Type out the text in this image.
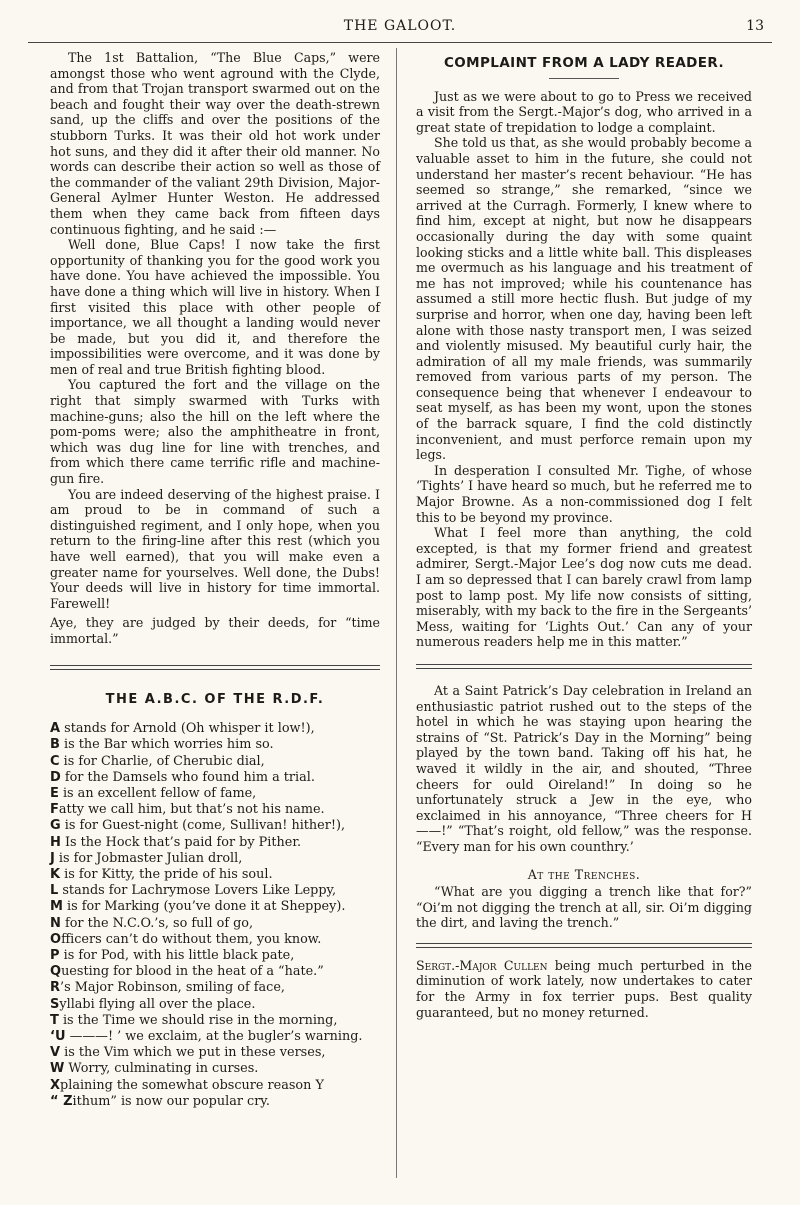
THE GALOOT.	13

The 1st Battalion, “The Blue Caps,” were amongst those who went aground with the Clyde, and from that Trojan transport swarmed out on the beach and fought their way over the death-strewn sand, up the cliffs and over the positions of the stubborn Turks. It was their old hot work under hot suns, and they did it after their old manner. No words can describe their action so well as those of the commander of the valiant 29th Division, Major-General Aylmer Hunter Weston. He addressed them when they came back from fifteen days continuous fighting, and he said :—

Well done, Blue Caps! I now take the first opportunity of thanking you for the good work you have done. You have achieved the impossible. You have done a thing which will live in history. When I first visited this place with other people of importance, we all thought a landing would never be made, but you did it, and therefore the impossibilities were overcome, and it was done by men of real and true British fighting blood.

You captured the fort and the village on the right that simply swarmed with Turks with machine-guns; also the hill on the left where the pom-poms were; also the amphitheatre in front, which was dug line for line with trenches, and from which there came terrific rifle and machine-gun fire.

You are indeed deserving of the highest praise. I am proud to be in command of such a distinguished regiment, and I only hope, when you return to the firing-line after this rest (which you have well earned), that you will make even a greater name for yourselves. Well done, the Dubs! Your deeds will live in history for time immortal. Farewell!

Aye, they are judged by their deeds, for “time immortal.”

THE A.B.C. OF THE R.D.F.
A stands for Arnold (Oh whisper it low!),
B is the Bar which worries him so.
C is for Charlie, of Cherubic dial,
D for the Damsels who found him a trial.
E is an excellent fellow of fame,
Fatty we call him, but that’s not his name.
G is for Guest-night (come, Sullivan! hither!),
H Is the Hock that’s paid for by Pither.
J is for Jobmaster Julian droll,
K is for Kitty, the pride of his soul.
L stands for Lachrymose Lovers Like Leppy,
M is for Marking (you’ve done it at Sheppey).
N for the N.C.O.’s, so full of go,
Officers can’t do without them, you know.
P is for Pod, with his little black pate,
Questing for blood in the heat of a “hate.”
R’s Major Robinson, smiling of face,
Syllabi flying all over the place.
T is the Time we should rise in the morning,
‘U ———! ’ we exclaim, at the bugler’s warning.
V is the Vim which we put in these verses,
W Worry, culminating in curses.
Xplaining the somewhat obscure reason Y
“ Zithum” is now our popular cry.
COMPLAINT FROM A LADY READER.

Just as we were about to go to Press we received a visit from the Sergt.-Major’s dog, who arrived in a great state of trepidation to lodge a complaint.

She told us that, as she would probably become a valuable asset to him in the future, she could not understand her master’s recent behaviour. “He has seemed so strange,” she remarked, “since we arrived at the Curragh. Formerly, I knew where to find him, except at night, but now he disappears occasionally during the day with some quaint looking sticks and a little white ball. This displeases me overmuch as his language and his treatment of me has not improved; while his countenance has assumed a still more hectic flush. But judge of my surprise and horror, when one day, having been left alone with those nasty transport men, I was seized and violently misused. My beautiful curly hair, the admiration of all my male friends, was summarily removed from various parts of my person. The consequence being that whenever I endeavour to seat myself, as has been my wont, upon the stones of the barrack square, I find the cold distinctly inconvenient, and must perforce remain upon my legs.

In desperation I consulted Mr. Tighe, of whose ‘Tights’ I have heard so much, but he referred me to Major Browne. As a non-commissioned dog I felt this to be beyond my province.

What I feel more than anything, the cold excepted, is that my former friend and greatest admirer, Sergt.-Major Lee’s dog now cuts me dead. I am so depressed that I can barely crawl from lamp post to lamp post. My life now consists of sitting, miserably, with my back to the fire in the Sergeants’ Mess, waiting for ‘Lights Out.’ Can any of your numerous readers help me in this matter.”

At a Saint Patrick’s Day celebration in Ireland an enthusiastic patriot rushed out to the steps of the hotel in which he was staying upon hearing the strains of “St. Patrick’s Day in the Morning” being played by the town band. Taking off his hat, he waved it wildly in the air, and shouted, “Three cheers for ould Oireland!” In doing so he unfortunately struck a Jew in the eye, who exclaimed in his annoyance, “Three cheers for H——!” “That’s roight, old fellow,” was the response. “Every man for his own counthry.’

At the Trenches.

“What are you digging a trench like that for?” “Oi’m not digging the trench at all, sir. Oi’m digging the dirt, and laving the trench.”

Sergt.-Major Cullen being much perturbed in the diminution of work lately, now undertakes to cater for the Army in fox terrier pups. Best quality guaranteed, but no money returned.
